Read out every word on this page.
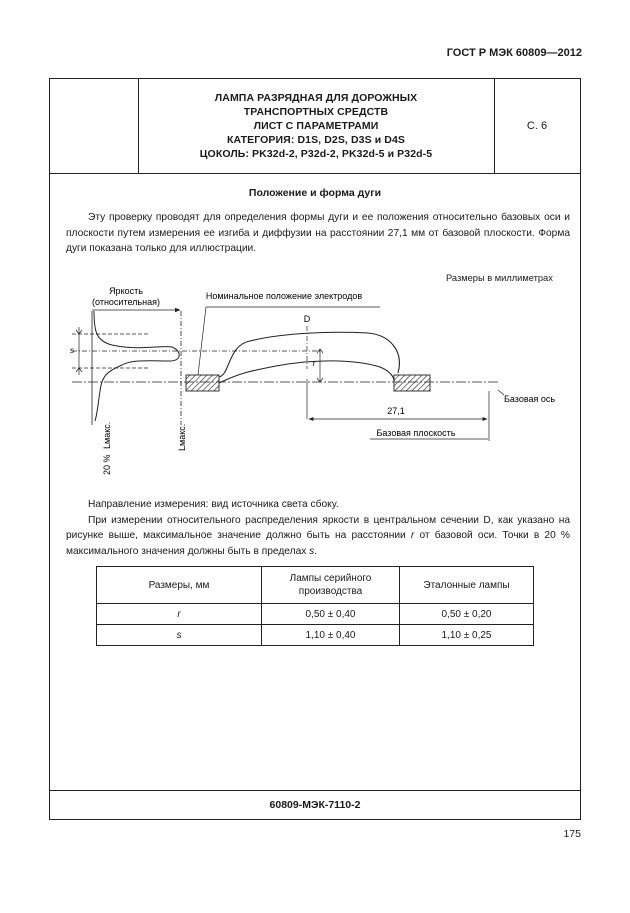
ГОСТ Р МЭК 60809—2012
ЛАМПА РАЗРЯДНАЯ ДЛЯ ДОРОЖНЫХ
ТРАНСПОРТНЫХ СРЕДСТВ
ЛИСТ С ПАРАМЕТРАМИ
КАТЕГОРИЯ: D1S, D2S, D3S и D4S
ЦОКОЛЬ: PK32d-2, P32d-2, PK32d-5 и P32d-5
С. 6
Положение и форма дуги

Эту проверку проводят для определения формы дуги и ее положения относительно базовых оси и плоскости путем измерения ее изгиба и диффузии на расстоянии 27,1 мм от базовой плоскости. Форма дуги показана только для иллюстрации.

Размеры в миллиметрах
Яркость
(относительная)
s
D
r
Номинальное положение электродов
27,1
Базовая плоскость
Базовая ось
20 %
Lмакс.	Lмакс.

Направление измерения: вид источника света сбоку.

При измерении относительного распределения яркости в центральном сечении D, как указано на рисунке выше, максимальное значение должно быть на расстоянии r от базовой оси. Точки в 20 % максимального значения должны быть в пределах s.

Размеры, мм	Лампы серийного производства	Эталонные лампы
r	0,50 ± 0,40	0,50 ± 0,20
s	1,10 ± 0,40	1,10 ± 0,25
60809-МЭК-7110-2
175
